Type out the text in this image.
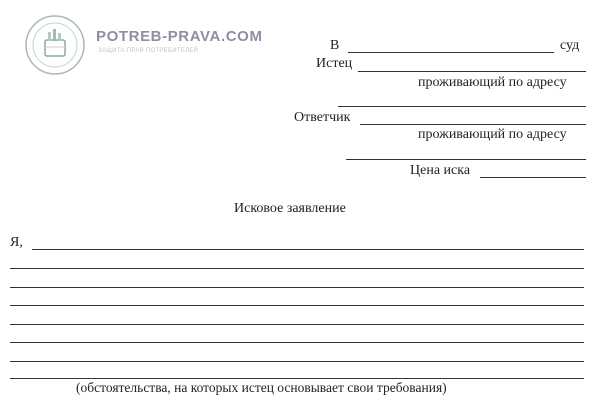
POTREB-PRAVA.COM
ЗАЩИТА ПРАВ ПОТРЕБИТЕЛЕЙ	В	суд
Истец
проживающий по адресу
Ответчик
проживающий по адресу
Цена иска
Исковое заявление
Я,
(обстоятельства, на которых истец основывает свои требования)
